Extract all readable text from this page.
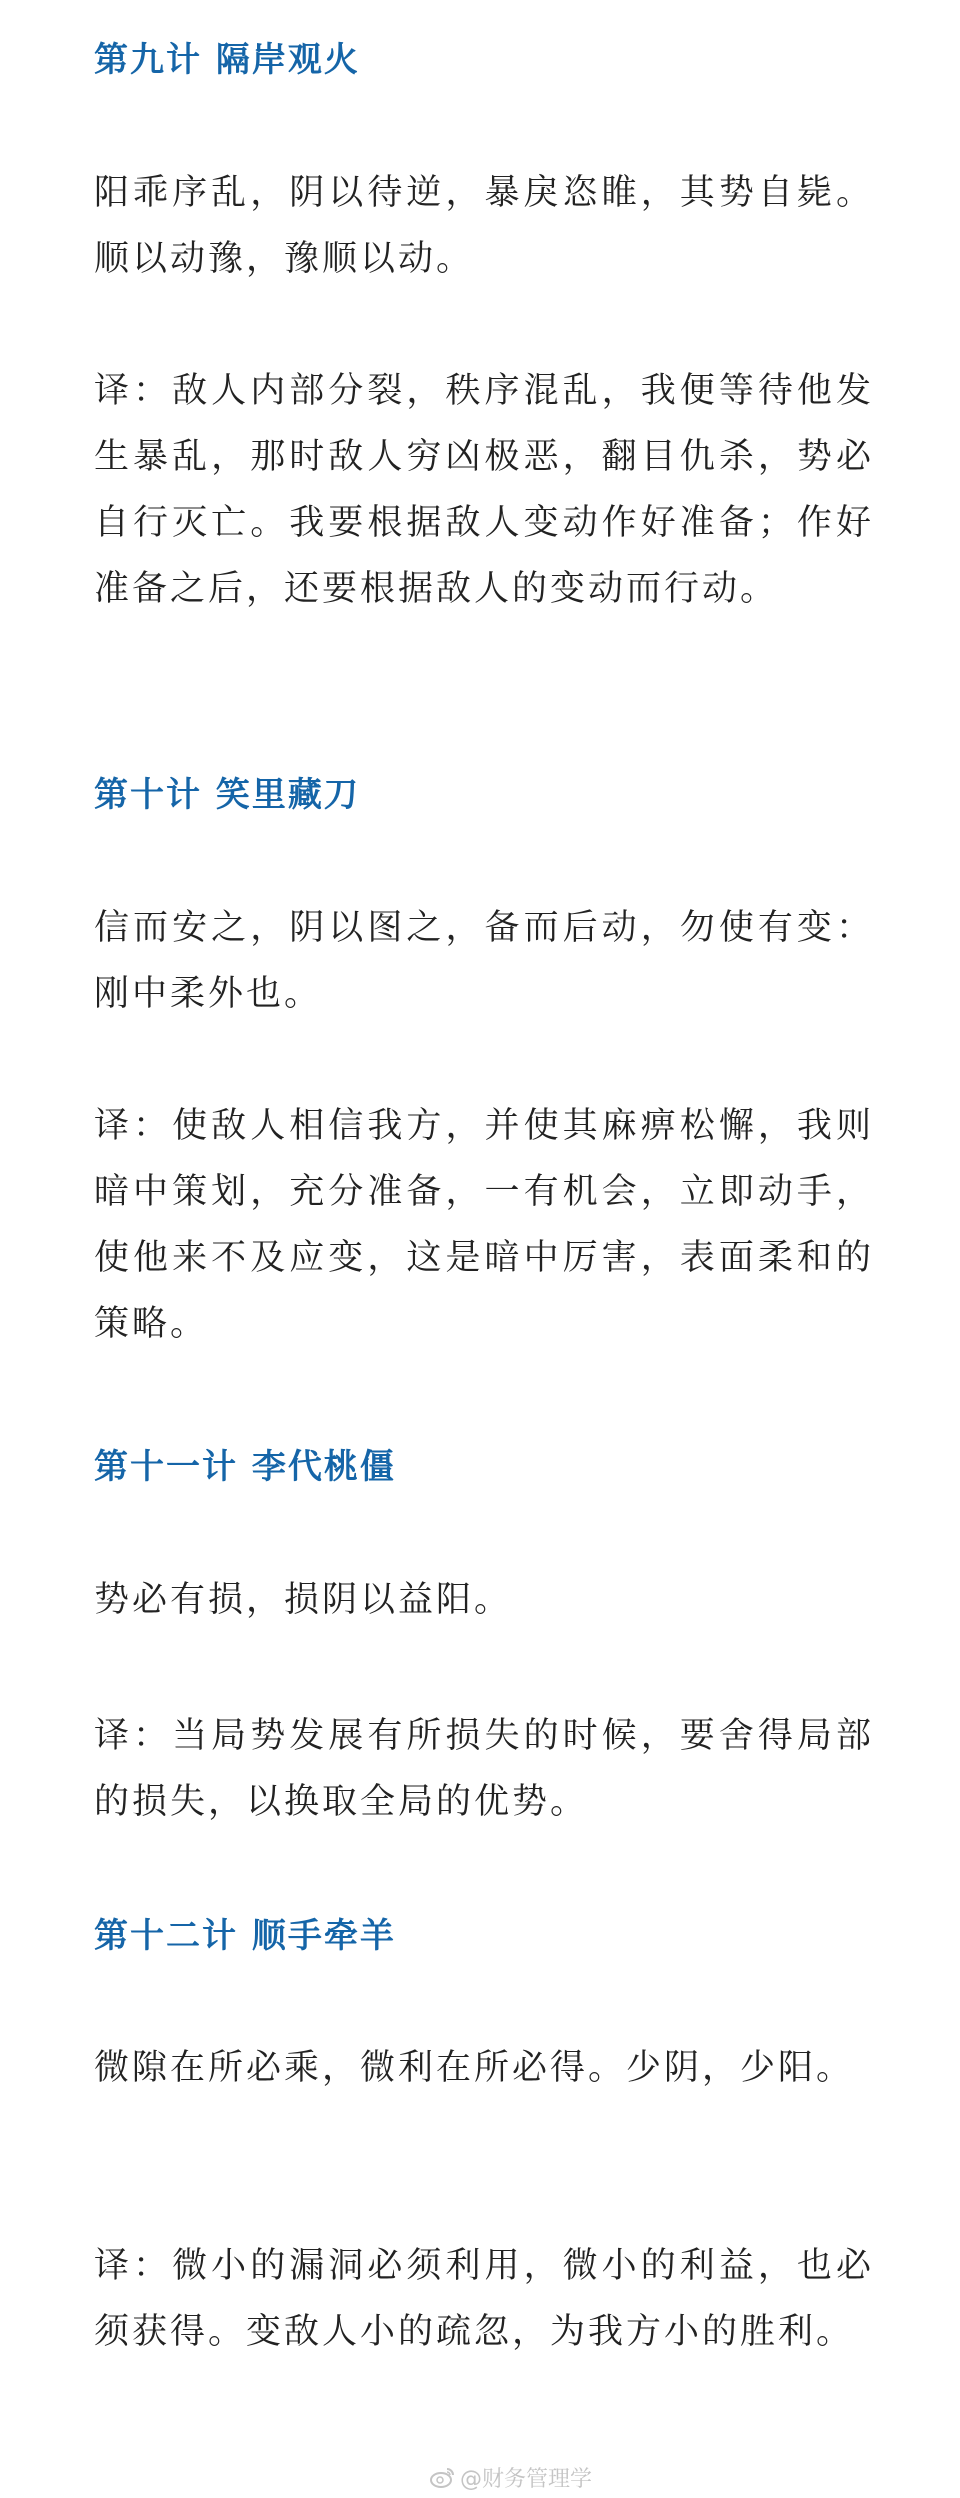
第九计 隔岸观火

阳乖序乱，阴以待逆，暴戾恣睢，其势自毙。顺以动豫，豫顺以动。

译：敌人内部分裂，秩序混乱，我便等待他发生暴乱，那时敌人穷凶极恶，翻目仇杀，势必自行灭亡。我要根据敌人变动作好准备；作好准备之后，还要根据敌人的变动而行动。

第十计 笑里藏刀

信而安之，阴以图之，备而后动，勿使有变：刚中柔外也。

译：使敌人相信我方，并使其麻痹松懈，我则暗中策划，充分准备，一有机会，立即动手，使他来不及应变，这是暗中厉害，表面柔和的策略。

第十一计 李代桃僵

势必有损，损阴以益阳。

译：当局势发展有所损失的时候，要舍得局部的损失，以换取全局的优势。

第十二计 顺手牵羊

微隙在所必乘，微利在所必得。少阴，少阳。

译：微小的漏洞必须利用，微小的利益，也必须获得。变敌人小的疏忽，为我方小的胜利。

@财务管理学
